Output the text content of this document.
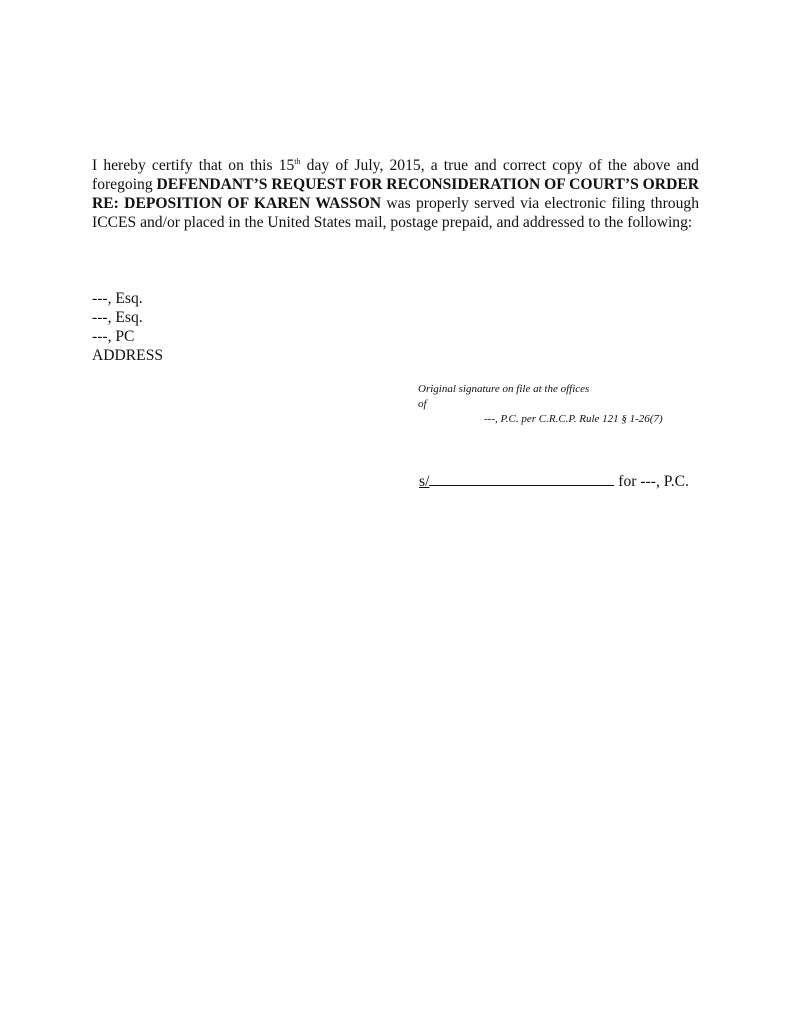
I hereby certify that on this 15th day of July, 2015, a true and correct copy of the above and foregoing DEFENDANT’S REQUEST FOR RECONSIDERATION OF COURT’S ORDER RE: DEPOSITION OF KAREN WASSON was properly served via electronic filing through ICCES and/or placed in the United States mail, postage prepaid, and addressed to the following:

---, Esq.
---, Esq.
---, PC
ADDRESS
Original signature on file at the offices
of
---, P.C. per C.R.C.P. Rule 121 § 1-26(7)
s/	for ---, P.C.
